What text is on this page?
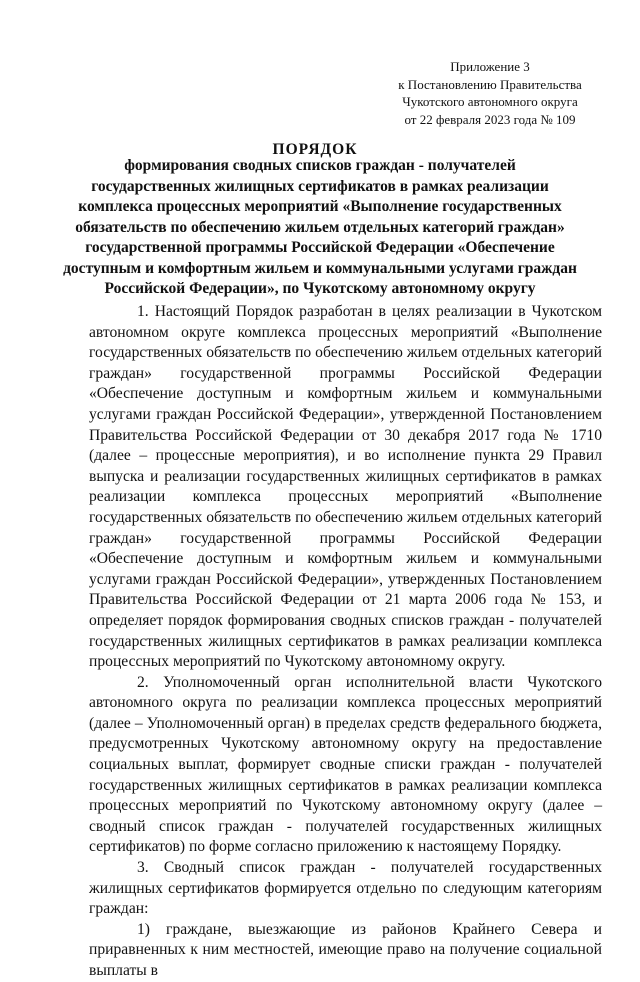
Приложение 3
к Постановлению Правительства
Чукотского автономного округа
от 22 февраля 2023 года № 109
ПОРЯДОК
формирования сводных списков граждан - получателей
государственных жилищных сертификатов в рамках реализации
комплекса процессных мероприятий «Выполнение государственных
обязательств по обеспечению жильем отдельных категорий граждан»
государственной программы Российской Федерации «Обеспечение
доступным и комфортным жильем и коммунальными услугами граждан
Российской Федерации», по Чукотскому автономному округу

1. Настоящий Порядок разработан в целях реализации в Чукотском автономном округе комплекса процессных мероприятий «Выполнение государственных обязательств по обеспечению жильем отдельных категорий граждан» государственной программы Российской Федерации «Обеспечение доступным и комфортным жильем и коммунальными услугами граждан Российской Федерации», утвержденной Постановлением Правительства Российской Федерации от 30 декабря 2017 года № 1710 (далее – процессные мероприятия), и во исполнение пункта 29 Правил выпуска и реализации государственных жилищных сертификатов в рамках реализации комплекса процессных мероприятий «Выполнение государственных обязательств по обеспечению жильем отдельных категорий граждан» государственной программы Российской Федерации «Обеспечение доступным и комфортным жильем и коммунальными услугами граждан Российской Федерации», утвержденных Постановлением Правительства Российской Федерации от 21 марта 2006 года № 153, и определяет порядок формирования сводных списков граждан - получателей государственных жилищных сертификатов в рамках реализации комплекса процессных мероприятий по Чукотскому автономному округу.

2. Уполномоченный орган исполнительной власти Чукотского автономного округа по реализации комплекса процессных мероприятий (далее – Уполномоченный орган) в пределах средств федерального бюджета, предусмотренных Чукотскому автономному округу на предоставление социальных выплат, формирует сводные списки граждан - получателей государственных жилищных сертификатов в рамках реализации комплекса процессных мероприятий по Чукотскому автономному округу (далее – сводный список граждан - получателей государственных жилищных сертификатов) по форме согласно приложению к настоящему Порядку.

3. Сводный список граждан - получателей государственных жилищных сертификатов формируется отдельно по следующим категориям граждан:

1) граждане, выезжающие из районов Крайнего Севера и приравненных к ним местностей, имеющие право на получение социальной выплаты в
